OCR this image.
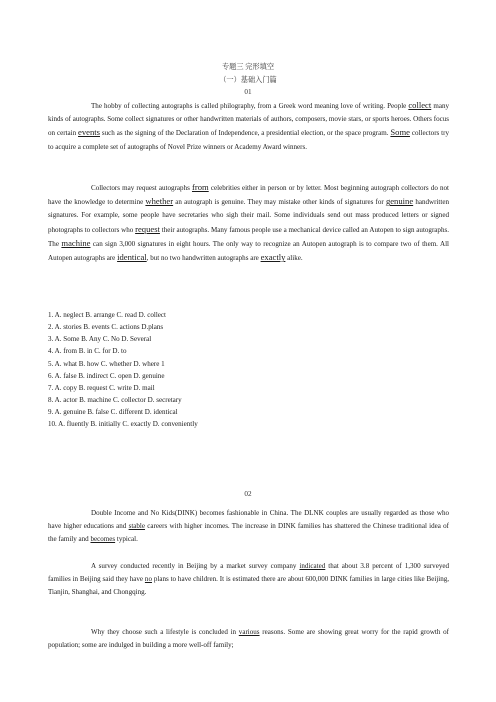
专题三 完形填空
（一）基础入门篇
01

The hobby of collecting autographs is called philography, from a Greek word meaning love of writing. People collect many kinds of autographs. Some collect signatures or other handwritten materials of authors, composers, movie stars, or sports heroes. Others focus on certain events such as the signing of the Declaration of Independence, a presidential election, or the space program. Some collectors try to acquire a complete set of autographs of Novel Prize winners or Academy Award winners.

Collectors may request autographs from celebrities either in person or by letter. Most beginning autograph collectors do not have the knowledge to determine whether an autograph is genuine. They may mistake other kinds of signatures for genuine handwritten signatures. For example, some people have secretaries who sigh their mail. Some individuals send out mass produced letters or signed photographs to collectors who request their autographs. Many famous people use a mechanical device called an Autopen to sign autographs. The machine can sign 3,000 signatures in eight hours. The only way to recognize an Autopen autograph is to compare two of them. All Autopen autographs are identical, but no two handwritten autographs are exactly alike.

1. A. neglect B. arrange C. read D. collect
2. A. stories B. events C. actions D.plans
3. A. Some B. Any C. No D. Several
4. A. from B. in C. for D. to
5. A. what B. how C. whether D. where 1
6. A. false B. indirect C. open D. genuine
7. A. copy B. request C. write D. mail
8. A. actor B. machine C. collector D. secretary
9. A. genuine B. false C. different D. identical
10. A. fluently B. initially C. exactly D. conveniently
02

Double Income and No Kids(DINK) becomes fashionable in China. The DLNK couples are usually regarded as those who have higher educations and stable careers with higher incomes. The increase in DINK families has shattered the Chinese traditional idea of the family and becomes typical.

A survey conducted recently in Beijing by a market survey company indicated that about 3.8 percent of 1,300 surveyed families in Beijing said they have no plans to have children. It is estimated there are about 600,000 DINK families in large cities like Beijing, Tianjin, Shanghai, and Chongqing.

Why they choose such a lifestyle is concluded in various reasons. Some are showing great worry for the rapid growth of population; some are indulged in building a more well-off family;
